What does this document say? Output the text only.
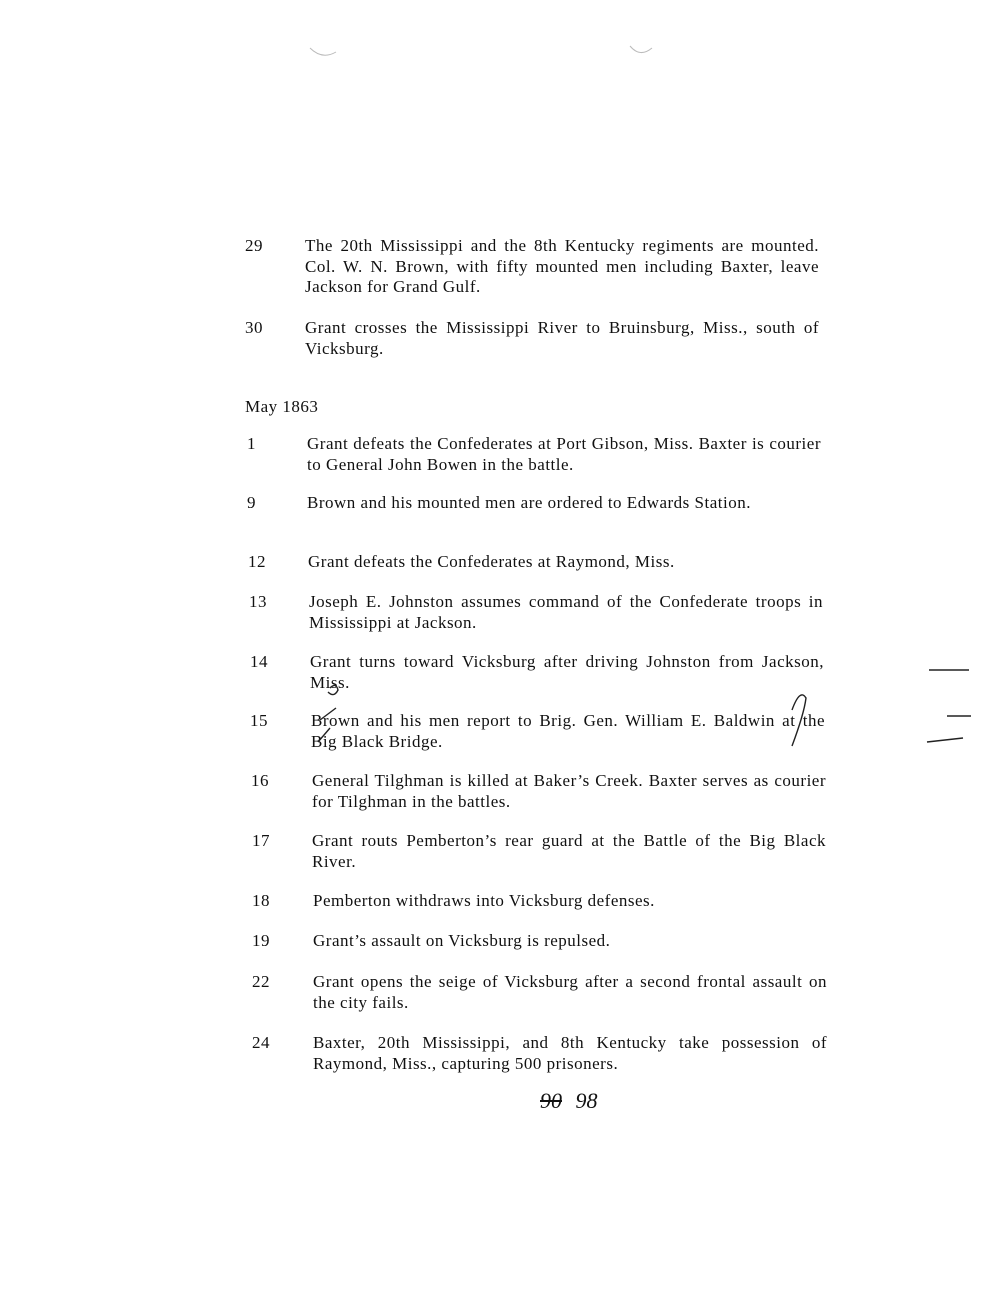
29	The 20th Mississippi and the 8th Kentucky regiments are mounted. Col. W. N. Brown, with fifty mounted men including Baxter, leave Jackson for Grand Gulf.
30	Grant crosses the Mississippi River to Bruinsburg, Miss., south of Vicksburg.
May 1863
1	Grant defeats the Confederates at Port Gibson, Miss. Baxter is courier to General John Bowen in the battle.
9	Brown and his mounted men are ordered to Edwards Station.
12	Grant defeats the Confederates at Raymond, Miss.
13	Joseph E. Johnston assumes command of the Confederate troops in Mississippi at Jackson.
14	Grant turns toward Vicksburg after driving Johnston from Jackson, Miss.
15	Brown and his men report to Brig. Gen. William E. Baldwin at the Big Black Bridge.
16	General Tilghman is killed at Baker’s Creek. Baxter serves as courier for Tilghman in the battles.
17	Grant routs Pemberton’s rear guard at the Battle of the Big Black River.
18	Pemberton withdraws into Vicksburg defenses.
19	Grant’s assault on Vicksburg is repulsed.
22	Grant opens the seige of Vicksburg after a second frontal assault on the city fails.
24	Baxter, 20th Mississippi, and 8th Kentucky take possession of Raymond, Miss., capturing 500 prisoners.
90 98
